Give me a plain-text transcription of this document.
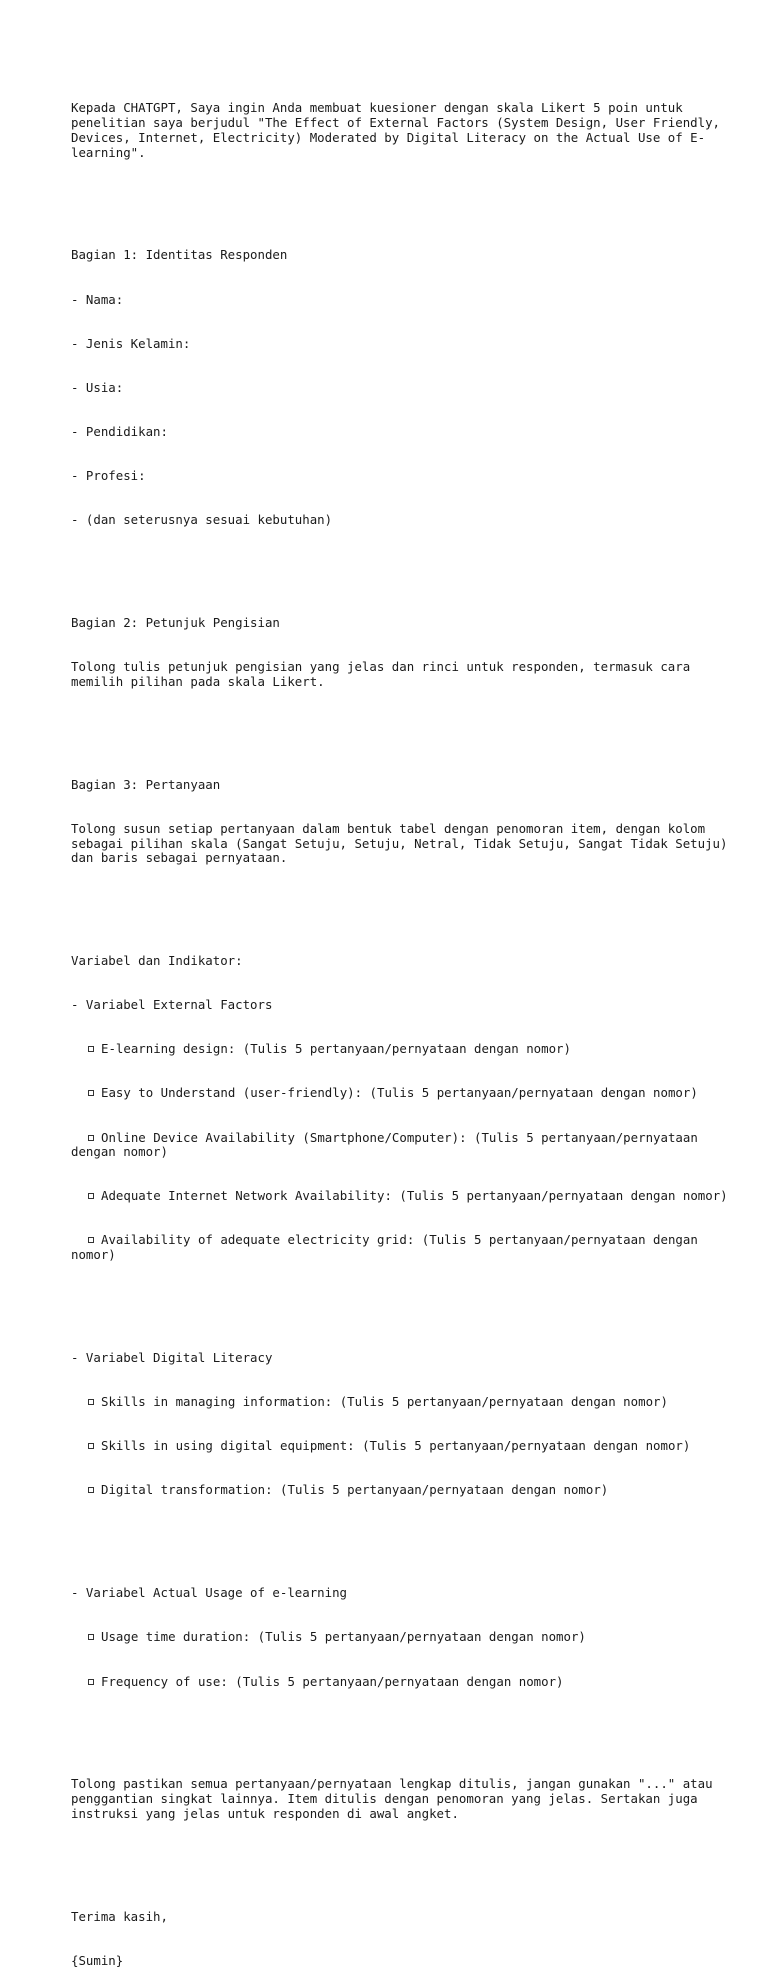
Kepada CHATGPT, Saya ingin Anda membuat kuesioner dengan skala Likert 5 poin untuk penelitian saya berjudul "The Effect of External Factors (System Design, User Friendly, Devices, Internet, Electricity) Moderated by Digital Literacy on the Actual Use of E-learning".

Bagian 1: Identitas Responden

- Nama:

- Jenis Kelamin:

- Usia:

- Pendidikan:

- Profesi:

- (dan seterusnya sesuai kebutuhan)

Bagian 2: Petunjuk Pengisian

Tolong tulis petunjuk pengisian yang jelas dan rinci untuk responden, termasuk cara memilih pilihan pada skala Likert.

Bagian 3: Pertanyaan

Tolong susun setiap pertanyaan dalam bentuk tabel dengan penomoran item, dengan kolom sebagai pilihan skala (Sangat Setuju, Setuju, Netral, Tidak Setuju, Sangat Tidak Setuju) dan baris sebagai pernyataan.

Variabel dan Indikator:

- Variabel External Factors

E-learning design: (Tulis 5 pertanyaan/pernyataan dengan nomor)

Easy to Understand (user-friendly): (Tulis 5 pertanyaan/pernyataan dengan nomor)

Online Device Availability (Smartphone/Computer): (Tulis 5 pertanyaan/pernyataan dengan nomor)

Adequate Internet Network Availability: (Tulis 5 pertanyaan/pernyataan dengan nomor)

Availability of adequate electricity grid: (Tulis 5 pertanyaan/pernyataan dengan nomor)

- Variabel Digital Literacy

Skills in managing information: (Tulis 5 pertanyaan/pernyataan dengan nomor)

Skills in using digital equipment: (Tulis 5 pertanyaan/pernyataan dengan nomor)

Digital transformation: (Tulis 5 pertanyaan/pernyataan dengan nomor)

- Variabel Actual Usage of e-learning

Usage time duration: (Tulis 5 pertanyaan/pernyataan dengan nomor)

Frequency of use: (Tulis 5 pertanyaan/pernyataan dengan nomor)

Tolong pastikan semua pertanyaan/pernyataan lengkap ditulis, jangan gunakan "..." atau penggantian singkat lainnya. Item ditulis dengan penomoran yang jelas. Sertakan juga instruksi yang jelas untuk responden di awal angket.

Terima kasih,

{Sumin}
